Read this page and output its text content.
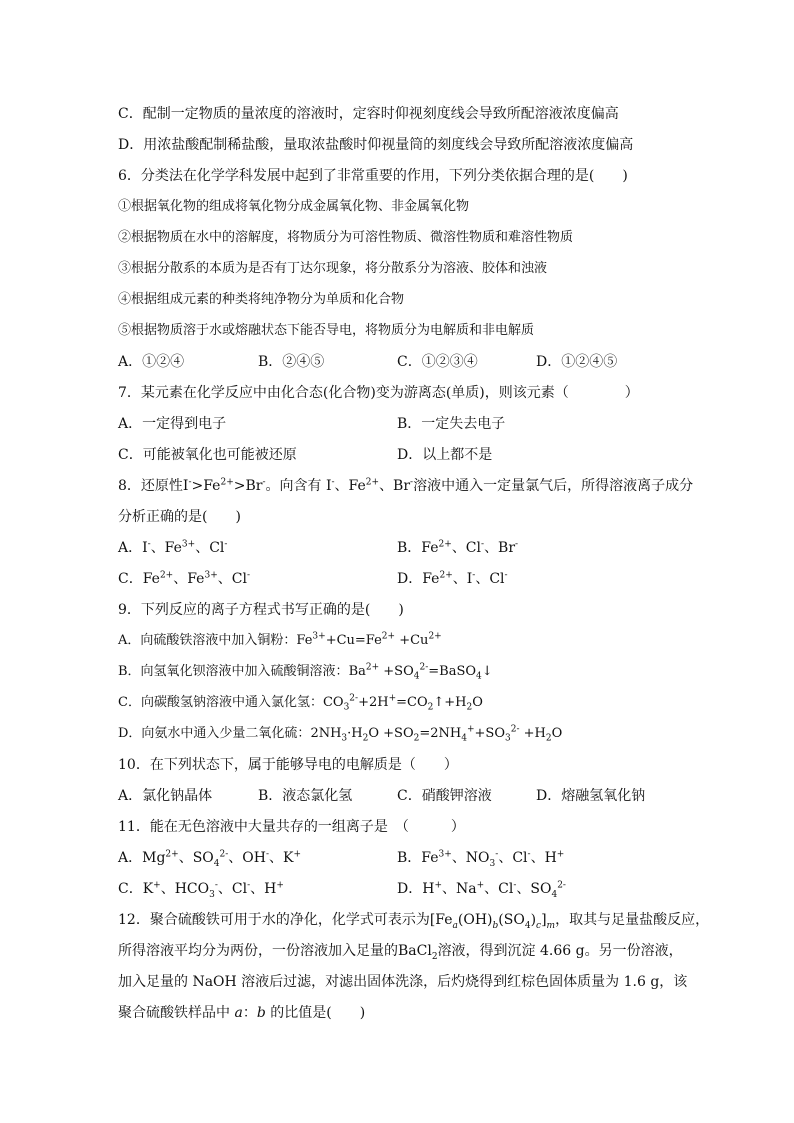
C．配制一定物质的量浓度的溶液时，定容时仰视刻度线会导致所配溶液浓度偏高
D．用浓盐酸配制稀盐酸，量取浓盐酸时仰视量筒的刻度线会导致所配溶液浓度偏高
6．分类法在化学学科发展中起到了非常重要的作用，下列分类依据合理的是(　　)
①根据氧化物的组成将氧化物分成金属氧化物、非金属氧化物
②根据物质在水中的溶解度，将物质分为可溶性物质、微溶性物质和难溶性物质
③根据分散系的本质为是否有丁达尔现象，将分散系分为溶液、胶体和浊液
④根据组成元素的种类将纯净物分为单质和化合物
⑤根据物质溶于水或熔融状态下能否导电，将物质分为电解质和非电解质
A．①②④	B．②④⑤	C．①②③④	D．①②④⑤
7．某元素在化学反应中由化合态(化合物)变为游离态(单质)，则该元素（　　　　）
A．一定得到电子	B．一定失去电子
C．可能被氧化也可能被还原	D．以上都不是
8．还原性$I^->Fe^{2+}>Br^-$。向含有 I-、$Fe^{2+}$、Br-溶液中通入一定量氯气后，所得溶液离子成分
分析正确的是(　　)
A．I-、$Fe^{3+}$、Cl-	B．$Fe^{2+}$、Cl-、Br-
C．$Fe^{2+}$、$Fe^{3+}$、Cl-	D．$Fe^{2+}$、I-、Cl-
9．下列反应的离子方程式书写正确的是(　　)
A．向硫酸铁溶液中加入铜粉：$Fe^{3+}+Cu=Fe^{2+} +Cu^{2+}$
B．向氢氧化钡溶液中加入硫酸铜溶液：$Ba^{2+}$ $+SO_4^{2-}=BaSO_4↓$
C．向碳酸氢钠溶液中通入氯化氢：$CO_3^{2-}+2H^+=CO_2↑+H_2O$
D．向氨水中通入少量二氧化硫：$2NH_3\cdot H_2O +SO_2=2NH_4^++SO_3^{2-} +H_2O$
10．在下列状态下，属于能够导电的电解质是（　　）
A．氯化钠晶体	B．液态氯化氢	C．硝酸钾溶液	D．熔融氢氧化钠
11．能在无色溶液中大量共存的一组离子是　（　　　）
A．$Mg^{2+}$、$SO_4^{2-}$、OH-、K+	B．$Fe^{3+}$、$NO_3^-$、Cl-、H+
C．K+、$HCO_3^-$、Cl-、H+	D．H+、Na+、Cl-、$SO_4^{2-}$
12．聚合硫酸铁可用于水的净化，化学式可表示为$[Fe_a(OH)_b(SO_4)_c]_m$，取其与足量盐酸反应，
所得溶液平均分为两份，一份溶液加入足量的BaCl$_2$溶液，得到沉淀 4.66 g。另一份溶液，
加入足量的 NaOH 溶液后过滤，对滤出固体洗涤，后灼烧得到红棕色固体质量为 1.6 g，该
聚合硫酸铁样品中 a：b 的比值是(　　)
